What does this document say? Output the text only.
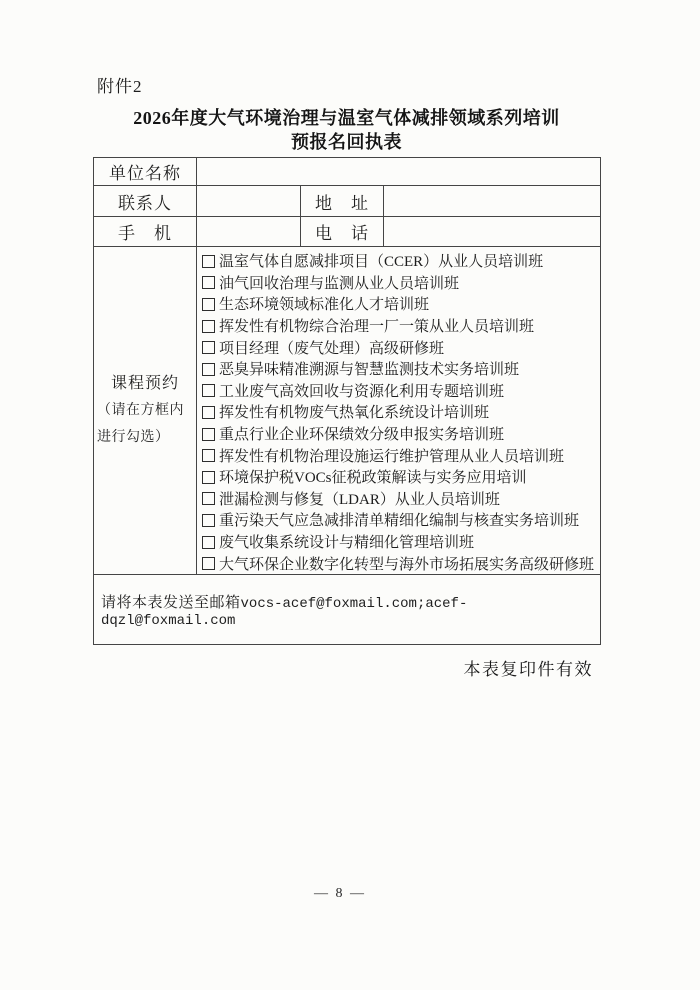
附件2
2026年度大气环境治理与温室气体减排领域系列培训
预报名回执表
单位名称			
联系人		地　址	
手　机		电　话	

课程预约
（请在方框内
进行勾选）

温室气体自愿减排项目（CCER）从业人员培训班
油气回收治理与监测从业人员培训班
生态环境领域标准化人才培训班
挥发性有机物综合治理一厂一策从业人员培训班
项目经理（废气处理）高级研修班
恶臭异味精准溯源与智慧监测技术实务培训班
工业废气高效回收与资源化利用专题培训班
挥发性有机物废气热氧化系统设计培训班
重点行业企业环保绩效分级申报实务培训班
挥发性有机物治理设施运行维护管理从业人员培训班
环境保护税VOCs征税政策解读与实务应用培训
泄漏检测与修复（LDAR）从业人员培训班
重污染天气应急减排清单精细化编制与核查实务培训班
废气收集系统设计与精细化管理培训班
大气环保企业数字化转型与海外市场拓展实务高级研修班

请将本表发送至邮箱vocs-acef@foxmail.com;acef-dqzl@foxmail.com			
本表复印件有效
— 8 —
